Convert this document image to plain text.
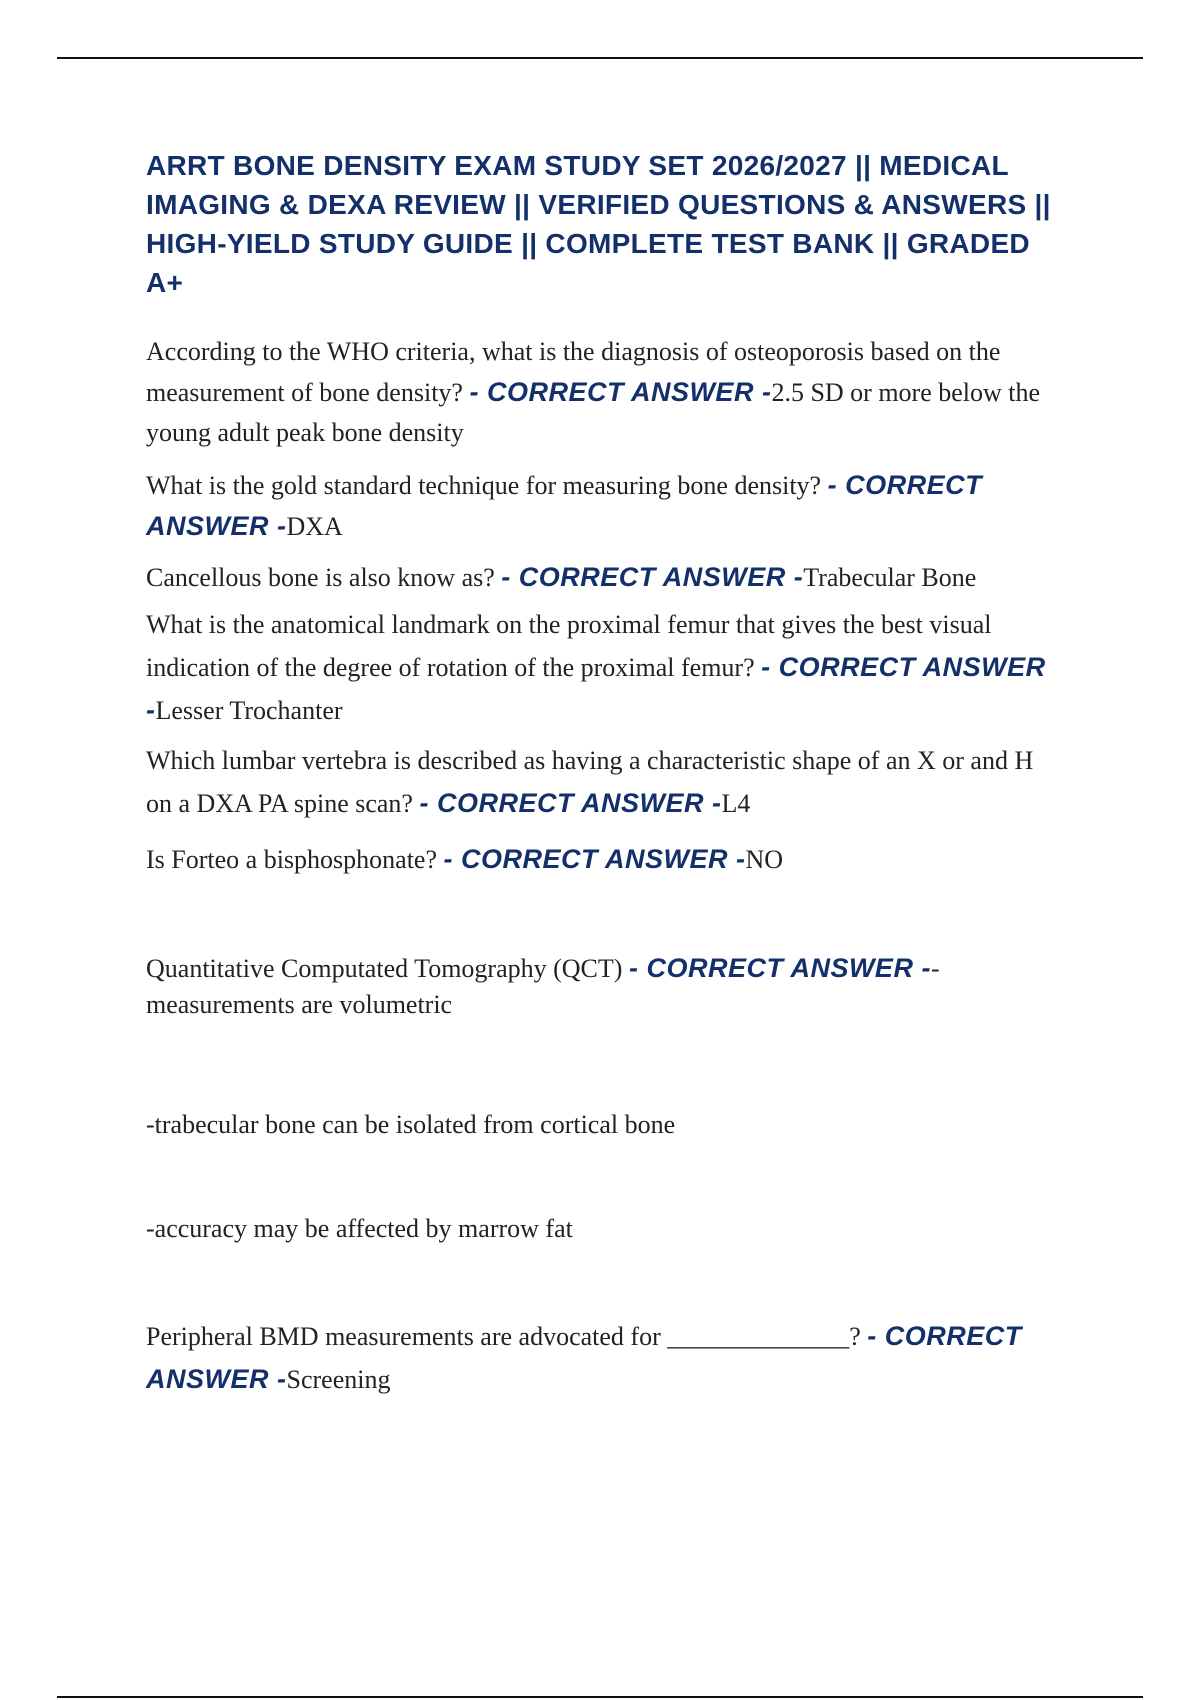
ARRT BONE DENSITY EXAM STUDY SET 2026/2027 || MEDICAL IMAGING & DEXA REVIEW || VERIFIED QUESTIONS & ANSWERS || HIGH-YIELD STUDY GUIDE || COMPLETE TEST BANK || GRADED A+

According to the WHO criteria, what is the diagnosis of osteoporosis based on the measurement of bone density? - CORRECT ANSWER -2.5 SD or more below the young adult peak bone density

What is the gold standard technique for measuring bone density? - CORRECT ANSWER -DXA

Cancellous bone is also know as? - CORRECT ANSWER -Trabecular Bone

What is the anatomical landmark on the proximal femur that gives the best visual indication of the degree of rotation of the proximal femur? - CORRECT ANSWER -Lesser Trochanter

Which lumbar vertebra is described as having a characteristic shape of an X or and H on a DXA PA spine scan? - CORRECT ANSWER -L4

Is Forteo a bisphosphonate? - CORRECT ANSWER -NO

Quantitative Computated Tomography (QCT) - CORRECT ANSWER --measurements are volumetric

-trabecular bone can be isolated from cortical bone

-accuracy may be affected by marrow fat

Peripheral BMD measurements are advocated for ______________? - CORRECT ANSWER -Screening
